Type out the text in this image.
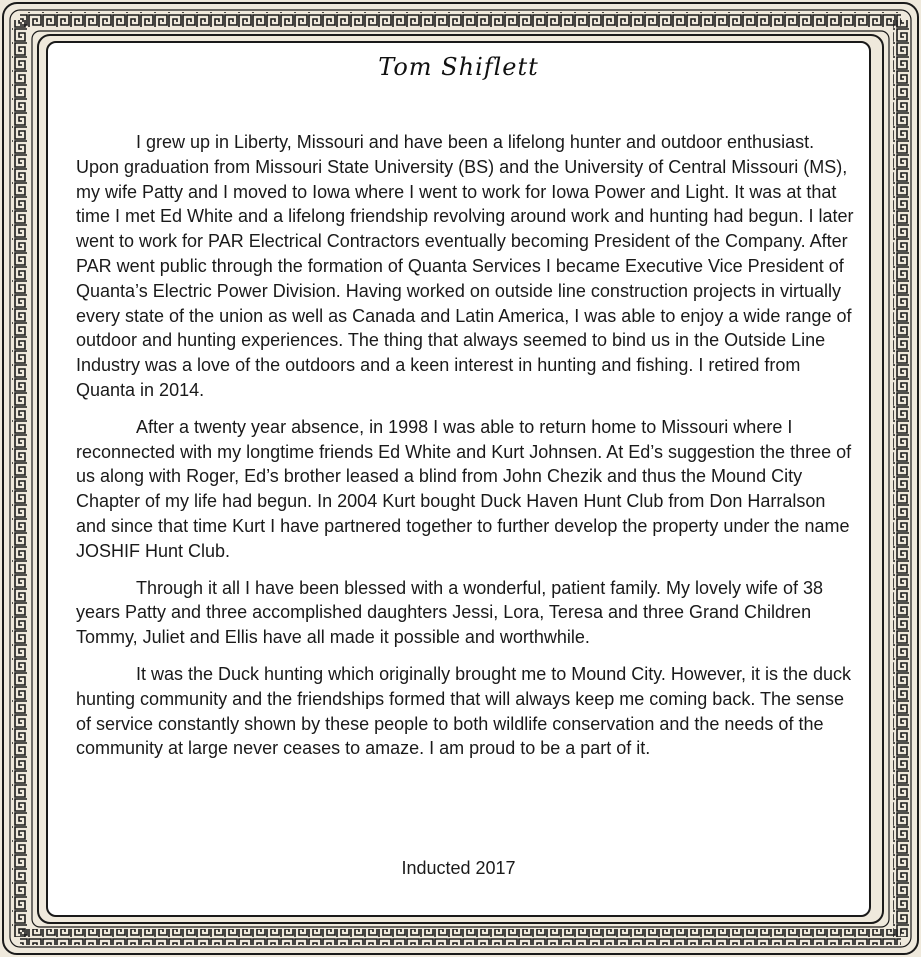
Tom Shiflett

I grew up in Liberty, Missouri and have been a lifelong hunter and outdoor enthusiast. Upon graduation from Missouri State University (BS) and the University of Central Missouri (MS), my wife Patty and I moved to Iowa where I went to work for Iowa Power and Light. It was at that time I met Ed White and a lifelong friendship revolving around work and hunting had begun. I later went to work for PAR Electrical Contractors eventually becoming President of the Company. After PAR went public through the formation of Quanta Services I became Executive Vice President of Quanta’s Electric Power Division. Having worked on outside line construction projects in virtually every state of the union as well as Canada and Latin America, I was able to enjoy a wide range of outdoor and hunting experiences. The thing that always seemed to bind us in the Outside Line Industry was a love of the outdoors and a keen interest in hunting and fishing. I retired from Quanta in 2014.

After a twenty year absence, in 1998 I was able to return home to Missouri where I reconnected with my longtime friends Ed White and Kurt Johnsen. At Ed’s suggestion the three of us along with Roger, Ed’s brother leased a blind from John Chezik and thus the Mound City Chapter of my life had begun. In 2004 Kurt bought Duck Haven Hunt Club from Don Harralson and since that time Kurt I have partnered together to further develop the property under the name JOSHIF Hunt Club.

Through it all I have been blessed with a wonderful, patient family. My lovely wife of 38 years Patty and three accomplished daughters Jessi, Lora, Teresa and three Grand Children Tommy, Juliet and Ellis have all made it possible and worthwhile.

It was the Duck hunting which originally brought me to Mound City. However, it is the duck hunting community and the friendships formed that will always keep me coming back. The sense of service constantly shown by these people to both wildlife conservation and the needs of the community at large never ceases to amaze. I am proud to be a part of it.

Inducted 2017
